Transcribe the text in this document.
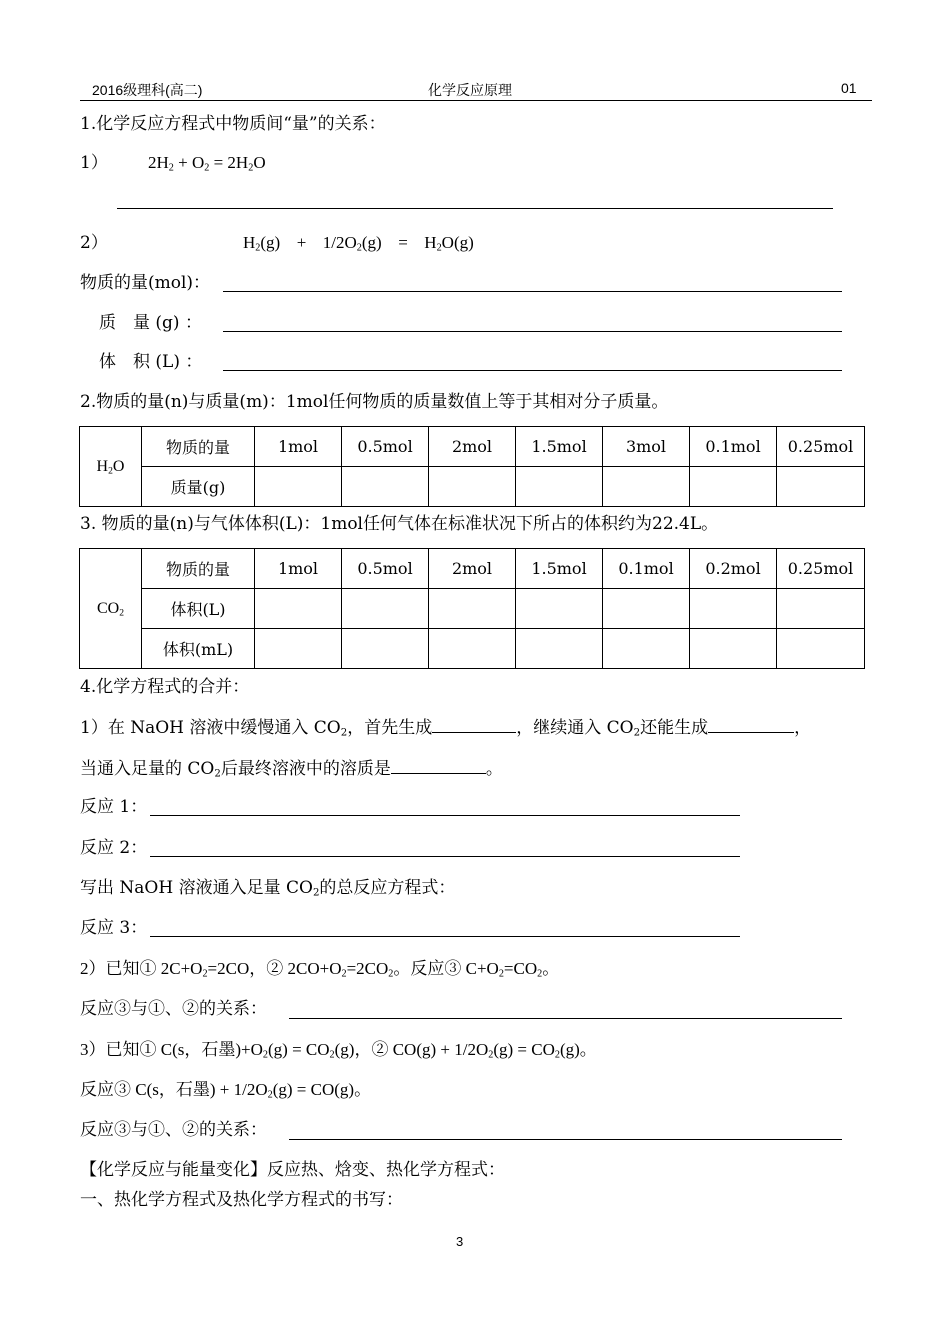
2016级理科(高二)	化学反应原理	01
1.化学反应方程式中物质间“量”的关系：
1） $2H_2 + O_2 = 2H_2O$
2）	$H_2(g) + 1/2O_2(g) = H_2O(g)$
物质的量(mol)：
质　量 (g) ：
体　积 (L) ：
2.物质的量(n)与质量(m)：1mol任何物质的质量数值上等于其相对分子质量。
$H_2O$	物质的量	1mol	0.5mol	2mol	1.5mol	3mol	0.1mol	0.25mol
	质量(g)							
3. 物质的量(n)与气体体积(L)：1mol任何气体在标准状况下所占的体积约为22.4L。
$CO_2$	物质的量	1mol	0.5mol	2mol	1.5mol	0.1mol	0.2mol	0.25mol
	体积(L)							
	体积(mL)							
4.化学方程式的合并：
1）在 NaOH 溶液中缓慢通入 $CO_2$，首先生成	，继续通入 $CO_2$还能生成	，
当通入足量的 $CO_2$后最终溶液中的溶质是	。
反应 1：
反应 2：
写出 NaOH 溶液通入足量 $CO_2$的总反应方程式：
反应 3：
2）已知① $2C+O_2=2CO$，② $2CO+O_2=2CO_2$。反应③ $C+O_2=CO_2$。
反应③与①、②的关系：
3）已知① C(s，石墨)$+O_2(g) = CO_2(g)$，② $CO(g) + 1/2O_2(g) = CO_2(g)$。
反应③ C(s，石墨) + $1/2O_2(g) = CO(g)$。
反应③与①、②的关系：
【化学反应与能量变化】反应热、焓变、热化学方程式：
一、热化学方程式及热化学方程式的书写：
3
